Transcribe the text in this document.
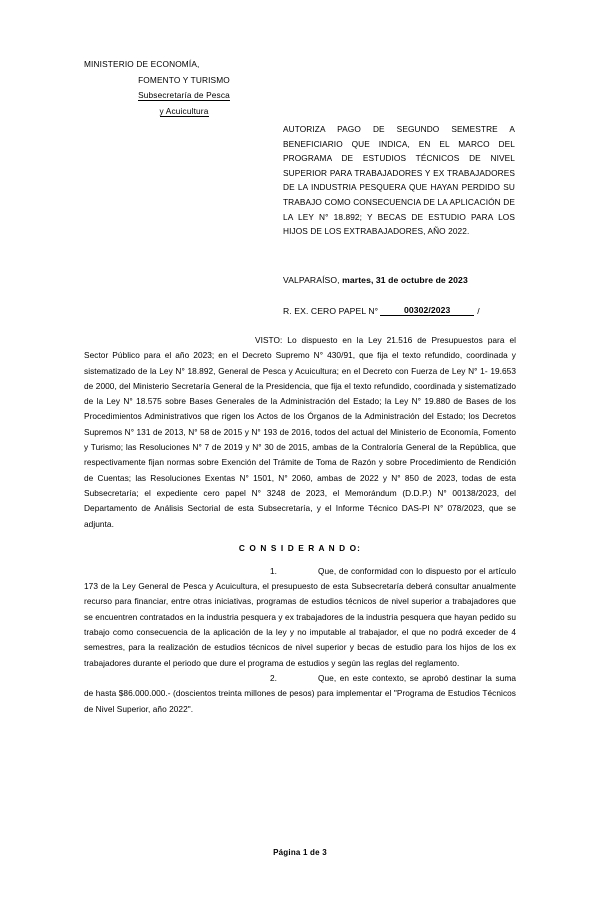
MINISTERIO DE ECONOMÍA,
FOMENTO Y TURISMO
Subsecretaría de Pesca
y Acuicultura
AUTORIZA PAGO DE SEGUNDO SEMESTRE A BENEFICIARIO QUE INDICA, EN EL MARCO DEL PROGRAMA DE ESTUDIOS TÉCNICOS DE NIVEL SUPERIOR PARA TRABAJADORES Y EX TRABAJADORES DE LA INDUSTRIA PESQUERA QUE HAYAN PERDIDO SU TRABAJO COMO CONSECUENCIA DE LA APLICACIÓN DE LA LEY N° 18.892; Y BECAS DE ESTUDIO PARA LOS HIJOS DE LOS EXTRABAJADORES, AÑO 2022.
VALPARAÍSO, martes, 31 de octubre de 2023
R. EX. CERO PAPEL N°	00302/2023	/

VISTO: Lo dispuesto en la Ley 21.516 de Presupuestos para el Sector Público para el año 2023; en el Decreto Supremo N° 430/91, que fija el texto refundido, coordinada y sistematizado de la Ley N° 18.892, General de Pesca y Acuicultura; en el Decreto con Fuerza de Ley N° 1- 19.653 de 2000, del Ministerio Secretaría General de la Presidencia, que fija el texto refundido, coordinada y sistematizado de la Ley N° 18.575 sobre Bases Generales de la Administración del Estado; la Ley N° 19.880 de Bases de los Procedimientos Administrativos que rigen los Actos de los Órganos de la Administración del Estado; los Decretos Supremos N° 131 de 2013, N° 58 de 2015 y N° 193 de 2016, todos del actual del Ministerio de Economía, Fomento y Turismo; las Resoluciones N° 7 de 2019 y N° 30 de 2015, ambas de la Contraloría General de la República, que respectivamente fijan normas sobre Exención del Trámite de Toma de Razón y sobre Procedimiento de Rendición de Cuentas; las Resoluciones Exentas N° 1501, N° 2060, ambas de 2022 y N° 850 de 2023, todas de esta Subsecretaría; el expediente cero papel N° 3248 de 2023, el Memorándum (D.D.P.) N° 00138/2023, del Departamento de Análisis Sectorial de esta Subsecretaría, y el Informe Técnico DAS-PI N° 078/2023, que se adjunta.

C O N S I D E R A N D O:

1.	Que, de conformidad con lo dispuesto por el artículo 173 de la Ley General de Pesca y Acuicultura, el presupuesto de esta Subsecretaría deberá consultar anualmente recurso para financiar, entre otras iniciativas, programas de estudios técnicos de nivel superior a trabajadores que se encuentren contratados en la industria pesquera y ex trabajadores de la industria pesquera que hayan pedido su trabajo como consecuencia de la aplicación de la ley y no imputable al trabajador, el que no podrá exceder de 4 semestres, para la realización de estudios técnicos de nivel superior y becas de estudio para los hijos de los ex trabajadores durante el periodo que dure el programa de estudios y según las reglas del reglamento.

2.	Que, en este contexto, se aprobó destinar la suma de hasta $86.000.000.- (doscientos treinta millones de pesos) para implementar el "Programa de Estudios Técnicos de Nivel Superior, año 2022".

Página 1 de 3
